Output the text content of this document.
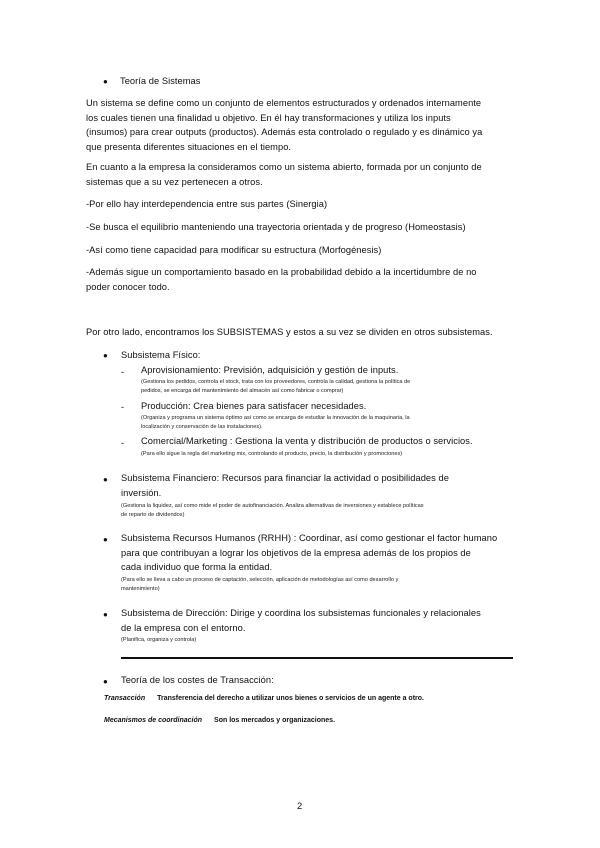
● Teoría de Sistemas
Un sistema se define como un conjunto de elementos estructurados y ordenados internamente
los cuales tienen una finalidad u objetivo. En él hay transformaciones y utiliza los inputs
(insumos) para crear outputs (productos). Además esta controlado o regulado y es dinámico ya
que presenta diferentes situaciones en el tiempo.
En cuanto a la empresa la consideramos como un sistema abierto, formada por un conjunto de
sistemas que a su vez pertenecen a otros.
-Por ello hay interdependencia entre sus partes (Sinergia)
-Se busca el equilibrio manteniendo una trayectoria orientada y de progreso (Homeostasis)
-Así como tiene capacidad para modificar su estructura (Morfogénesis)
-Además sigue un comportamiento basado en la probabilidad debido a la incertidumbre de no
poder conocer todo.
Por otro lado, encontramos los SUBSISTEMAS y estos a su vez se dividen en otros subsistemas.
● Subsistema Físico:
- Aprovisionamiento: Previsión, adquisición y gestión de inputs.
(Gestiona los pedidos, controla el stock, trata con los proveedores, controla la calidad, gestiona la política de
pedidos, se encarga del mantenimiento del almacén así como fabricar o comprar)
- Producción: Crea bienes para satisfacer necesidades.
(Organiza y programa un sistema óptimo así como se encarga de estudiar la innovación de la maquinaria, la
localización y conservación de las instalaciones).
- Comercial/Marketing : Gestiona la venta y distribución de productos o servicios.
(Para ello sigue la regla del marketing mix, controlando el producto, precio, la distribución y promociones)
● Subsistema Financiero: Recursos para financiar la actividad o posibilidades de
inversión.
(Gestiona la liquidez, así como mide el poder de autofinanciación. Analiza alternativas de inversiones y establece políticas
de reparto de dividendos)
● Subsistema Recursos Humanos (RRHH) : Coordinar, así como gestionar el factor humano
para que contribuyan a lograr los objetivos de la empresa además de los propios de
cada individuo que forma la entidad.
(Para ello se lleva a cabo un proceso de captación, selección, aplicación de metodologías así como desarrollo y
mantenimiento)
● Subsistema de Dirección: Dirige y coordina los subsistemas funcionales y relacionales
de la empresa con el entorno.
(Planifica, organiza y controla)
● Teoría de los costes de Transacción:
Transacción Transferencia del derecho a utilizar unos bienes o servicios de un agente a otro.
Mecanismos de coordinación Son los mercados y organizaciones.
2
